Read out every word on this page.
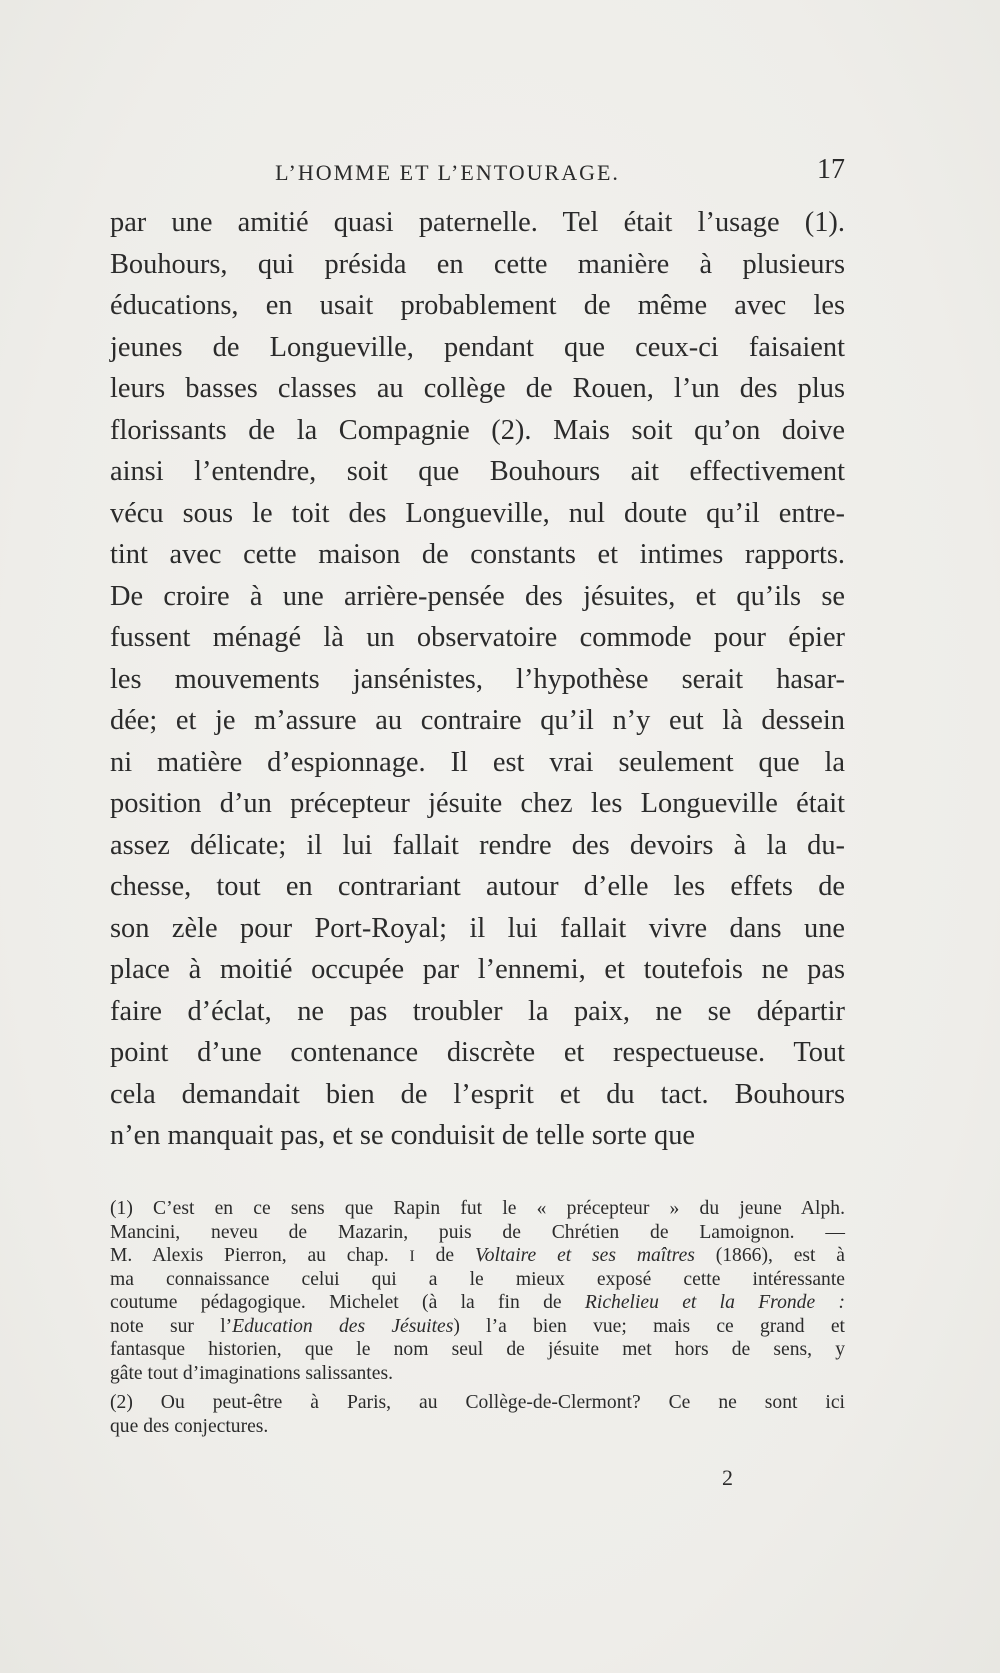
L’HOMME ET L’ENTOURAGE.	17
par une amitié quasi paternelle. Tel était l’usage (1).
Bouhours, qui présida en cette manière à plusieurs
éducations, en usait probablement de même avec les
jeunes de Longueville, pendant que ceux-ci faisaient
leurs basses classes au collège de Rouen, l’un des plus
florissants de la Compagnie (2). Mais soit qu’on doive
ainsi l’entendre, soit que Bouhours ait effectivement
vécu sous le toit des Longueville, nul doute qu’il entre-
tint avec cette maison de constants et intimes rapports.
De croire à une arrière-pensée des jésuites, et qu’ils se
fussent ménagé là un observatoire commode pour épier
les mouvements jansénistes, l’hypothèse serait hasar-
dée; et je m’assure au contraire qu’il n’y eut là dessein
ni matière d’espionnage. Il est vrai seulement que la
position d’un précepteur jésuite chez les Longueville était
assez délicate; il lui fallait rendre des devoirs à la du-
chesse, tout en contrariant autour d’elle les effets de
son zèle pour Port-Royal; il lui fallait vivre dans une
place à moitié occupée par l’ennemi, et toutefois ne pas
faire d’éclat, ne pas troubler la paix, ne se départir
point d’une contenance discrète et respectueuse. Tout
cela demandait bien de l’esprit et du tact. Bouhours
n’en manquait pas, et se conduisit de telle sorte que
(1) C’est en ce sens que Rapin fut le « précepteur » du jeune Alph.
Mancini, neveu de Mazarin, puis de Chrétien de Lamoignon. —
M. Alexis Pierron, au chap. I de Voltaire et ses maîtres (1866), est à
ma connaissance celui qui a le mieux exposé cette intéressante
coutume pédagogique. Michelet (à la fin de Richelieu et la Fronde :
note sur l’Education des Jésuites) l’a bien vue; mais ce grand et
fantasque historien, que le nom seul de jésuite met hors de sens, y
gâte tout d’imaginations salissantes.
(2) Ou peut-être à Paris, au Collège-de-Clermont? Ce ne sont ici
que des conjectures.
2
